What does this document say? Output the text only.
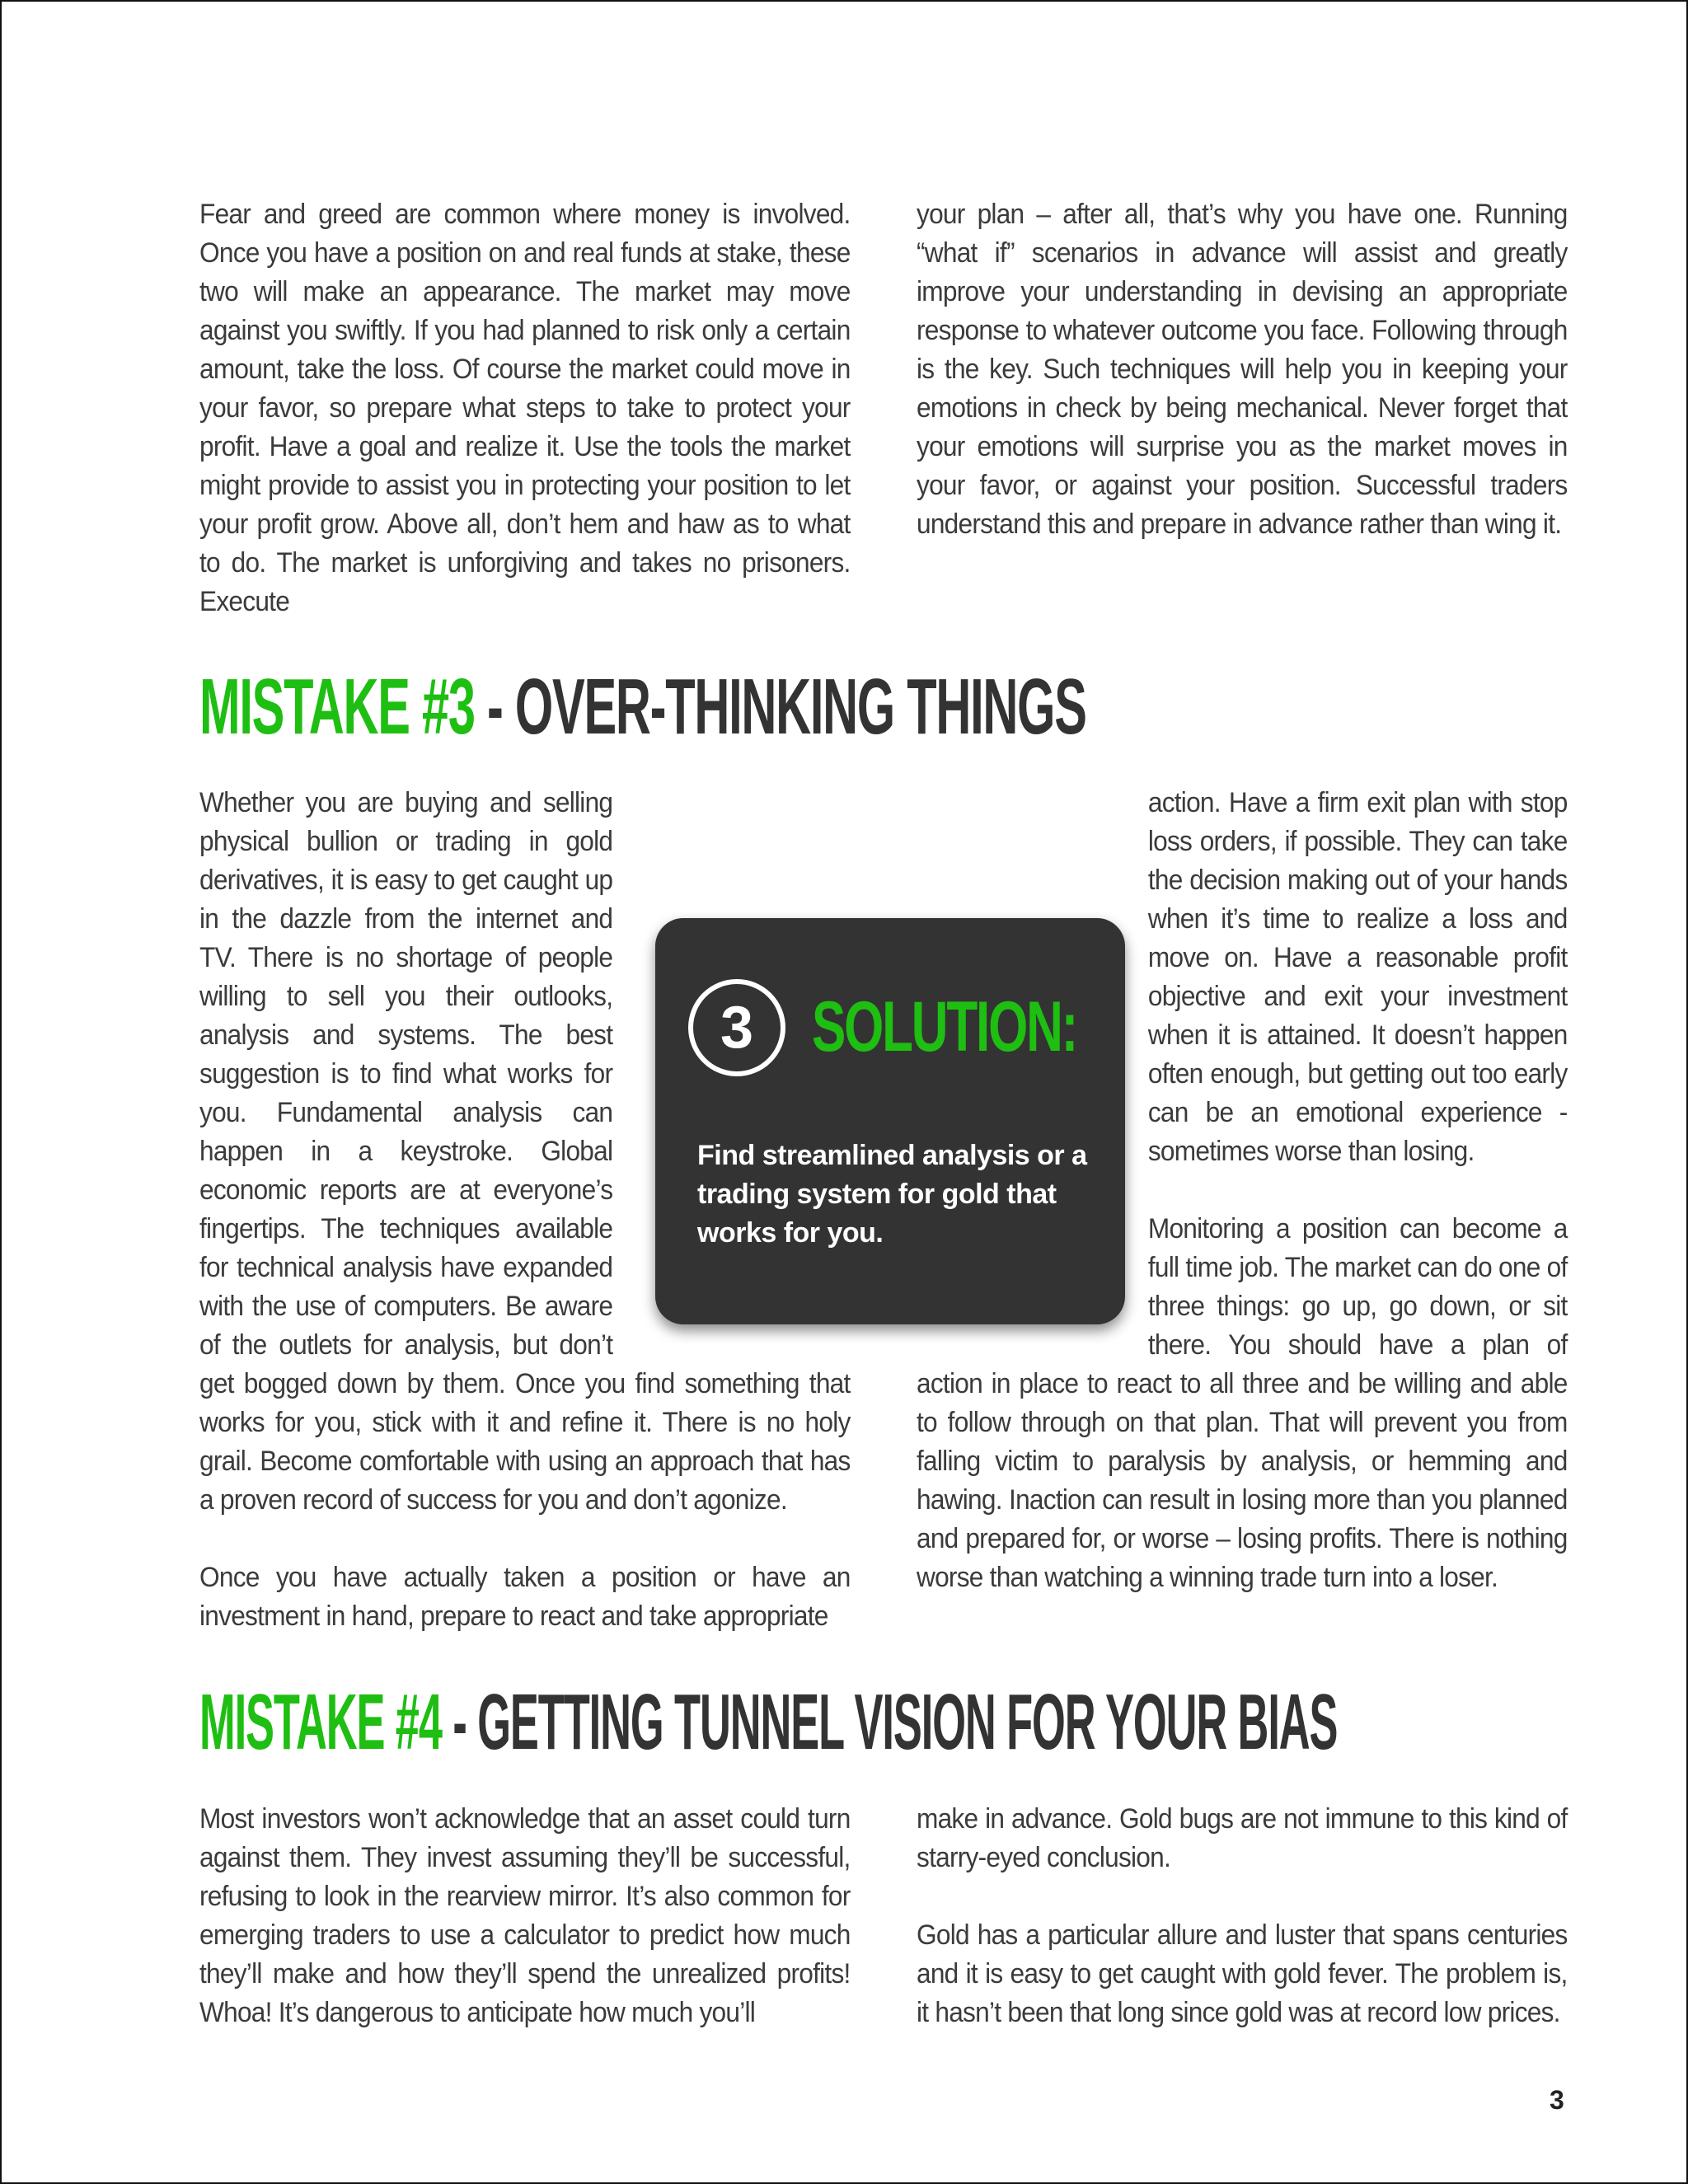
Fear and greed are common where money is involved. Once you have a position on and real funds at stake, these two will make an appearance. The market may move against you swiftly. If you had planned to risk only a certain amount, take the loss. Of course the market could move in your favor, so prepare what steps to take to protect your profit. Have a goal and realize it. Use the tools the market might provide to assist you in protecting your position to let your profit grow. Above all, don’t hem and haw as to what to do. The market is unforgiving and takes no prisoners. Execute

your plan – after all, that’s why you have one. Running “what if” scenarios in advance will assist and greatly improve your understanding in devising an appropriate response to whatever outcome you face. Following through is the key. Such techniques will help you in keeping your emotions in check by being mechanical. Never forget that your emotions will surprise you as the market moves in your favor, or against your position. Successful traders understand this and prepare in advance rather than wing it.

MISTAKE #3 - OVER-THINKING THINGS

Whether you are buying and selling physical bullion or trading in gold derivatives, it is easy to get caught up in the dazzle from the internet and TV. There is no shortage of people willing to sell you their outlooks, analysis and systems. The best suggestion is to find what works for you. Fundamental analysis can happen in a keystroke. Global economic reports are at everyone’s fingertips. The techniques available for technical analysis have expanded with the use of computers. Be aware of the outlets for analysis, but don’t get bogged down by them. Once you find something that works for you, stick with it and refine it. There is no holy grail. Become comfortable with using an approach that has a proven record of success for you and don’t agonize.

Once you have actually taken a position or have an investment in hand, prepare to react and take appropriate

action. Have a firm exit plan with stop loss orders, if possible. They can take the decision making out of your hands when it’s time to realize a loss and move on. Have a reasonable profit objective and exit your investment when it is attained. It doesn’t happen often enough, but getting out too early can be an emotional experience - sometimes worse than losing.

Monitoring a position can become a full time job. The market can do one of three things: go up, go down, or sit there. You should have a plan of action in place to react to all three and be willing and able to follow through on that plan. That will prevent you from falling victim to paralysis by analysis, or hemming and hawing. Inaction can result in losing more than you planned and prepared for, or worse – losing profits. There is nothing worse than watching a winning trade turn into a loser.

3 SOLUTION:

Find streamlined analysis or a trading system for gold that works for you.

MISTAKE #4 - GETTING TUNNEL VISION FOR YOUR BIAS

Most investors won’t acknowledge that an asset could turn against them. They invest assuming they’ll be successful, refusing to look in the rearview mirror. It’s also common for emerging traders to use a calculator to predict how much they’ll make and how they’ll spend the unrealized profits! Whoa! It’s dangerous to anticipate how much you’ll

make in advance. Gold bugs are not immune to this kind of starry-eyed conclusion.

Gold has a particular allure and luster that spans centuries and it is easy to get caught with gold fever. The problem is, it hasn’t been that long since gold was at record low prices.

3
